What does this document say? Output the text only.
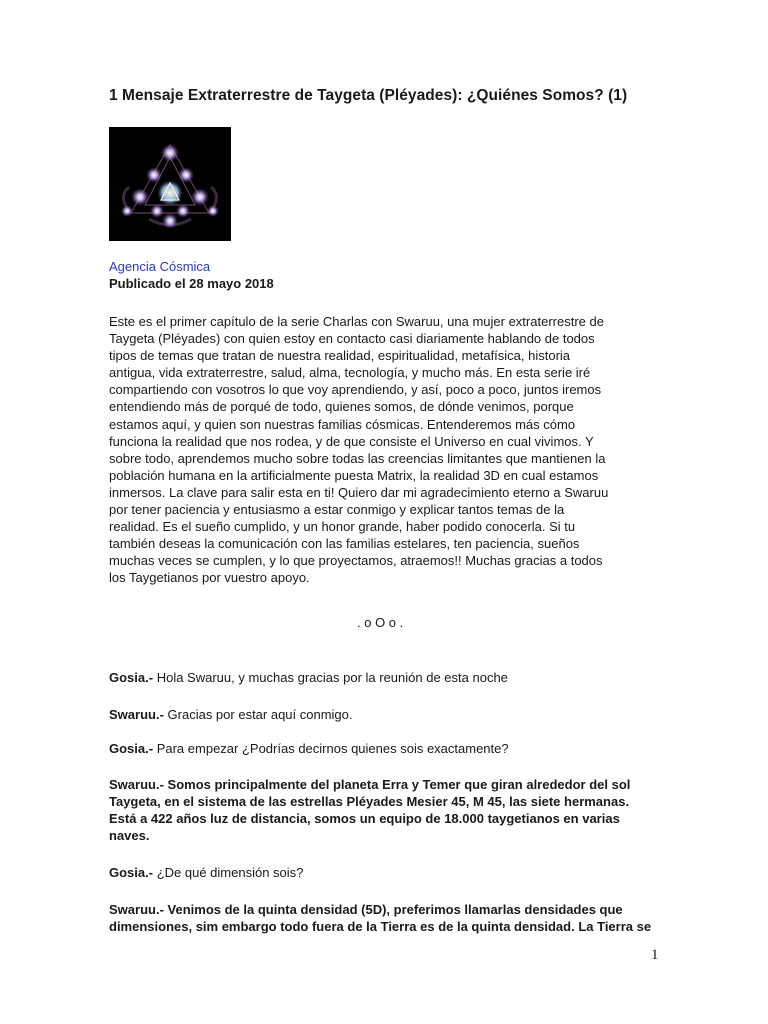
1 Mensaje Extraterrestre de Taygeta (Pléyades): ¿Quiénes Somos? (1)
Agencia Cósmica
Publicado el 28 mayo 2018

Este es el primer capítulo de la serie Charlas con Swaruu, una mujer extraterrestre de
Taygeta (Pléyades) con quien estoy en contacto casi diariamente hablando de todos
tipos de temas que tratan de nuestra realidad, espiritualidad, metafísica, historia
antigua, vida extraterrestre, salud, alma, tecnología, y mucho más. En esta serie iré
compartiendo con vosotros lo que voy aprendiendo, y así, poco a poco, juntos iremos
entendiendo más de porqué de todo, quienes somos, de dónde venimos, porque
estamos aquí, y quien son nuestras familias cósmicas. Entenderemos más cómo
funciona la realidad que nos rodea, y de que consiste el Universo en cual vivimos. Y
sobre todo, aprendemos mucho sobre todas las creencias limitantes que mantienen la
población humana en la artificialmente puesta Matrix, la realidad 3D en cual estamos
inmersos. La clave para salir esta en ti! Quiero dar mi agradecimiento eterno a Swaruu
por tener paciencia y entusiasmo a estar conmigo y explicar tantos temas de la
realidad. Es el sueño cumplido, y un honor grande, haber podido conocerla. Si tu
también deseas la comunicación con las familias estelares, ten paciencia, sueños
muchas veces se cumplen, y lo que proyectamos, atraemos!! Muchas gracias a todos
los Taygetianos por vuestro apoyo.

. o O o .

Gosia.- Hola Swaruu, y muchas gracias por la reunión de esta noche

Swaruu.- Gracias por estar aquí conmigo.

Gosia.- Para empezar ¿Podrías decirnos quienes sois exactamente?

Swaruu.- Somos principalmente del planeta Erra y Temer que giran alrededor del sol
Taygeta, en el sistema de las estrellas Pléyades Mesier 45, M 45, las siete hermanas.
Está a 422 años luz de distancia, somos un equipo de 18.000 taygetianos en varias
naves.

Gosia.- ¿De qué dimensión sois?

Swaruu.- Venimos de la quinta densidad (5D), preferimos llamarlas densidades que
dimensiones, sim embargo todo fuera de la Tierra es de la quinta densidad. La Tierra se

1
